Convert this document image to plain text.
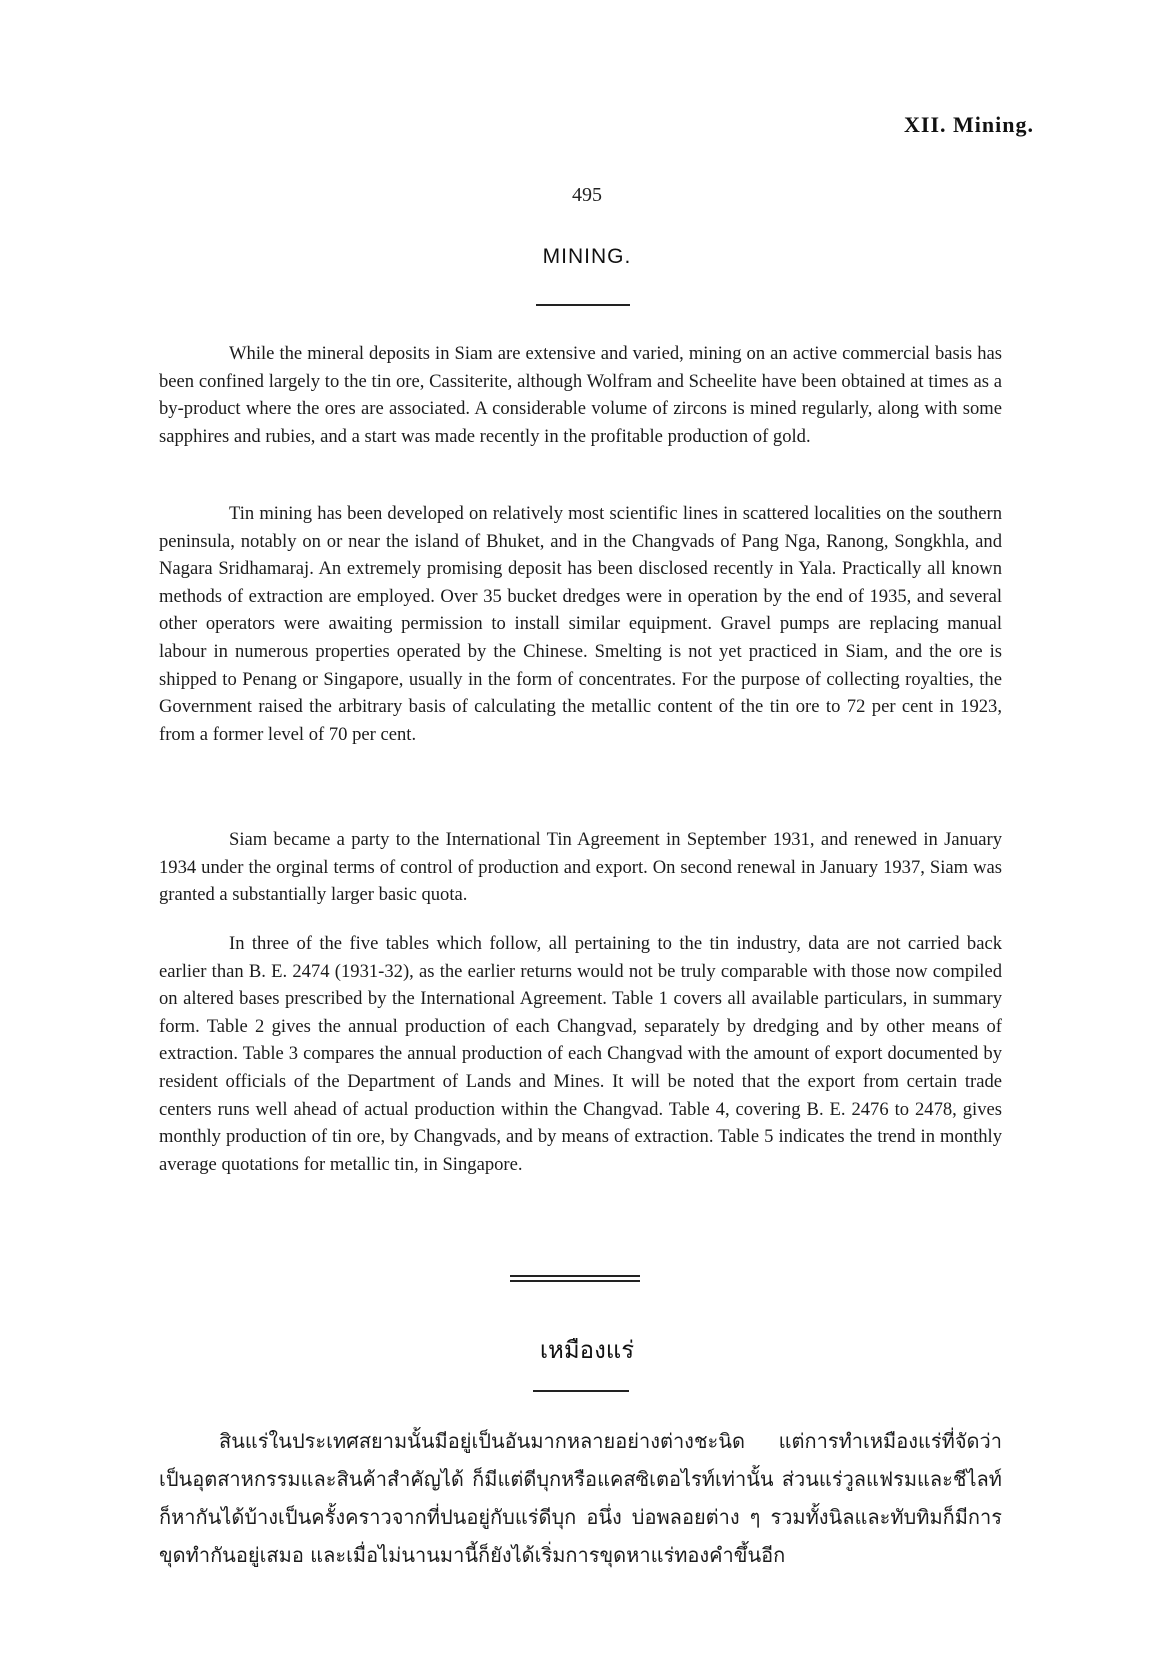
XII. Mining.
495
MINING.

While the mineral deposits in Siam are extensive and varied, mining on an active commercial basis has been confined largely to the tin ore, Cassiterite, although Wolfram and Scheelite have been obtained at times as a by-product where the ores are associated. A considerable volume of zircons is mined regularly, along with some sapphires and rubies, and a start was made recently in the profitable production of gold.

Tin mining has been developed on relatively most scientific lines in scattered localities on the southern peninsula, notably on or near the island of Bhuket, and in the Changvads of Pang Nga, Ranong, Songkhla, and Nagara Sridhamaraj. An extremely promising deposit has been disclosed recently in Yala. Practically all known methods of extraction are employed. Over 35 bucket dredges were in operation by the end of 1935, and several other operators were awaiting permission to install similar equipment. Gravel pumps are replacing manual labour in numerous properties operated by the Chinese. Smelting is not yet practiced in Siam, and the ore is shipped to Penang or Singapore, usually in the form of concentrates. For the purpose of collecting royalties, the Government raised the arbitrary basis of calculating the metallic content of the tin ore to 72 per cent in 1923, from a former level of 70 per cent.

Siam became a party to the International Tin Agreement in September 1931, and renewed in January 1934 under the orginal terms of control of production and export. On second renewal in January 1937, Siam was granted a substantially larger basic quota.

In three of the five tables which follow, all pertaining to the tin industry, data are not carried back earlier than B. E. 2474 (1931-32), as the earlier returns would not be truly comparable with those now compiled on altered bases prescribed by the International Agreement. Table 1 covers all available particulars, in summary form. Table 2 gives the annual production of each Changvad, separately by dredging and by other means of extraction. Table 3 compares the annual production of each Changvad with the amount of export documented by resident officials of the Department of Lands and Mines. It will be noted that the export from certain trade centers runs well ahead of actual production within the Changvad. Table 4, covering B. E. 2476 to 2478, gives monthly production of tin ore, by Changvads, and by means of extraction. Table 5 indicates the trend in monthly average quotations for metallic tin, in Singapore.

เหมืองแร่

สินแร่ในประเทศสยามนั้นมีอยู่เป็นอันมากหลายอย่างต่างชะนิด แต่การทำเหมืองแร่ที่จัดว่าเป็นอุตสาหกรรมและสินค้าสำคัญได้ ก็มีแต่ดีบุกหรือแคสซิเตอไรท์เท่านั้น ส่วนแร่วูลแฟรมและชีไลท์ก็หากันได้บ้างเป็นครั้งคราวจากที่ปนอยู่กับแร่ดีบุก อนึ่ง บ่อพลอยต่าง ๆ รวมทั้งนิลและทับทิมก็มีการขุดทำกันอยู่เสมอ และเมื่อไม่นานมานี้ก็ยังได้เริ่มการขุดหาแร่ทองคำขึ้นอีก
